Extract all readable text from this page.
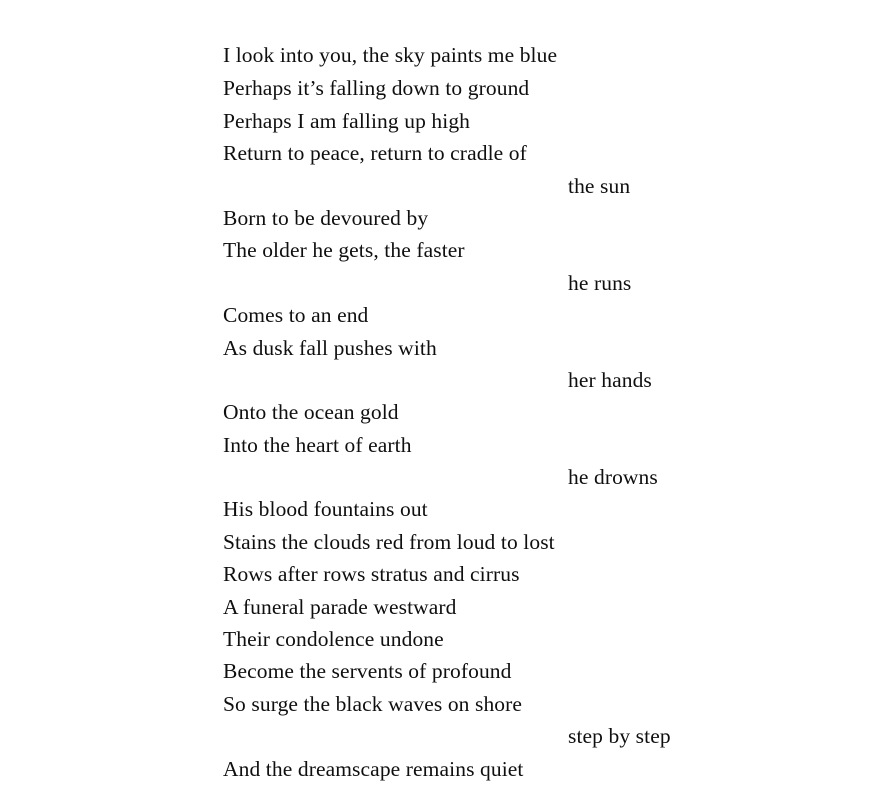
I look into you, the sky paints me blue
Perhaps it’s falling down to ground
Perhaps I am falling up high
Return to peace, return to cradle of
the sun
Born to be devoured by
The older he gets, the faster
he runs
Comes to an end
As dusk fall pushes with
her hands
Onto the ocean gold
Into the heart of earth
he drowns
His blood fountains out
Stains the clouds red from loud to lost
Rows after rows stratus and cirrus
A funeral parade westward
Their condolence undone
Become the servents of profound
So surge the black waves on shore
step by step
And the dreamscape remains quiet
